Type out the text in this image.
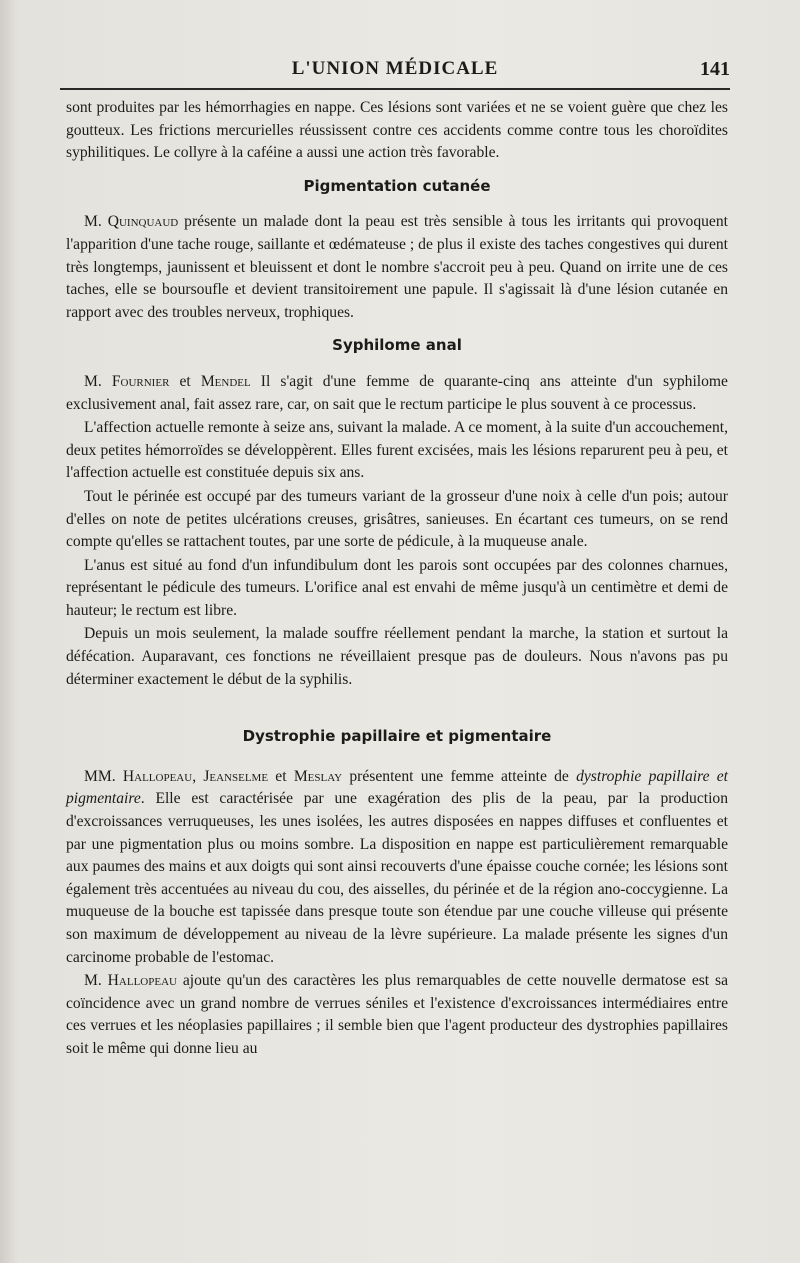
L'UNION MÉDICALE	141

sont produites par les hémorrhagies en nappe. Ces lésions sont variées et ne se voient guère que chez les goutteux. Les frictions mercurielles réussissent contre ces accidents comme contre tous les choroïdites syphilitiques. Le collyre à la caféine a aussi une action très favorable.

Pigmentation cutanée

M. Quinquaud présente un malade dont la peau est très sensible à tous les irritants qui provoquent l'apparition d'une tache rouge, saillante et œdémateuse ; de plus il existe des taches congestives qui durent très longtemps, jaunissent et bleuissent et dont le nombre s'accroit peu à peu. Quand on irrite une de ces taches, elle se boursoufle et devient transitoirement une papule. Il s'agissait là d'une lésion cutanée en rapport avec des troubles nerveux, trophiques.

Syphilome anal

M. Fournier et Mendel Il s'agit d'une femme de quarante-cinq ans atteinte d'un syphilome exclusivement anal, fait assez rare, car, on sait que le rectum participe le plus souvent à ce processus.

L'affection actuelle remonte à seize ans, suivant la malade. A ce moment, à la suite d'un accouchement, deux petites hémorroïdes se développèrent. Elles furent excisées, mais les lésions reparurent peu à peu, et l'affection actuelle est constituée depuis six ans.

Tout le périnée est occupé par des tumeurs variant de la grosseur d'une noix à celle d'un pois; autour d'elles on note de petites ulcérations creuses, grisâtres, sanieuses. En écartant ces tumeurs, on se rend compte qu'elles se rattachent toutes, par une sorte de pédicule, à la muqueuse anale.

L'anus est situé au fond d'un infundibulum dont les parois sont occupées par des colonnes charnues, représentant le pédicule des tumeurs. L'orifice anal est envahi de même jusqu'à un centimètre et demi de hauteur; le rectum est libre.

Depuis un mois seulement, la malade souffre réellement pendant la marche, la station et surtout la défécation. Auparavant, ces fonctions ne réveillaient presque pas de douleurs. Nous n'avons pas pu déterminer exactement le début de la syphilis.

Dystrophie papillaire et pigmentaire

MM. Hallopeau, Jeanselme et Meslay présentent une femme atteinte de dystrophie papillaire et pigmentaire. Elle est caractérisée par une exagération des plis de la peau, par la production d'excroissances verruqueuses, les unes isolées, les autres disposées en nappes diffuses et confluentes et par une pigmentation plus ou moins sombre. La disposition en nappe est particulièrement remarquable aux paumes des mains et aux doigts qui sont ainsi recouverts d'une épaisse couche cornée; les lésions sont également très accentuées au niveau du cou, des aisselles, du périnée et de la région ano-coccygienne. La muqueuse de la bouche est tapissée dans presque toute son étendue par une couche villeuse qui présente son maximum de développement au niveau de la lèvre supérieure. La malade présente les signes d'un carcinome probable de l'estomac.

M. Hallopeau ajoute qu'un des caractères les plus remarquables de cette nouvelle dermatose est sa coïncidence avec un grand nombre de verrues séniles et l'existence d'excroissances intermédiaires entre ces verrues et les néoplasies papillaires ; il semble bien que l'agent producteur des dystrophies papillaires soit le même qui donne lieu au
